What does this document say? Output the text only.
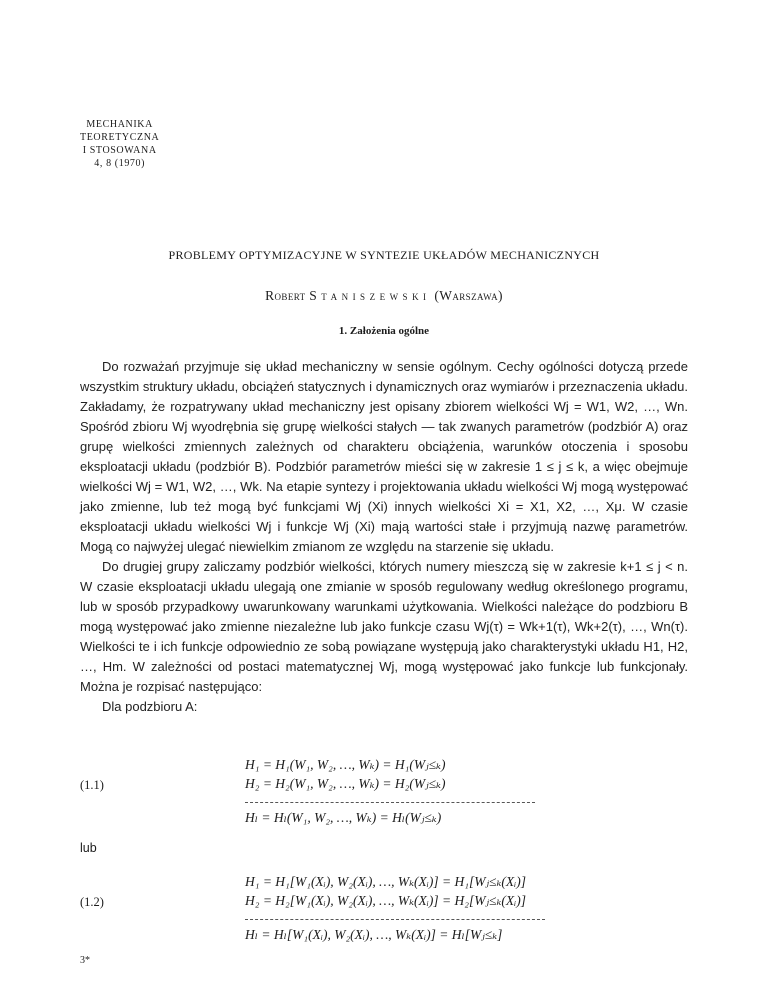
MECHANIKA
TEORETYCZNA
I STOSOWANA
4, 8 (1970)
PROBLEMY OPTYMIZACYJNE W SYNTEZIE UKŁADÓW MECHANICZNYCH
Robert Staniszewski (Warszawa)
1. Założenia ogólne

Do rozważań przyjmuje się układ mechaniczny w sensie ogólnym. Cechy ogólności dotyczą przede wszystkim struktury układu, obciążeń statycznych i dynamicznych oraz wymiarów i przeznaczenia układu. Zakładamy, że rozpatrywany układ mechaniczny jest opisany zbiorem wielkości Wj = W1, W2, …, Wn. Spośród zbioru Wj wyodrębnia się grupę wielkości stałych — tak zwanych parametrów (podzbiór A) oraz grupę wielkości zmiennych zależnych od charakteru obciążenia, warunków otoczenia i sposobu eksploatacji układu (podzbiór B). Podzbiór parametrów mieści się w zakresie 1 ≤ j ≤ k, a więc obejmuje wielkości Wj = W1, W2, …, Wk. Na etapie syntezy i projektowania układu wielkości Wj mogą występować jako zmienne, lub też mogą być funkcjami Wj (Xi) innych wielkości Xi = X1, X2, …, Xμ. W czasie eksploatacji układu wielkości Wj i funkcje Wj (Xi) mają wartości stałe i przyjmują nazwę parametrów. Mogą co najwyżej ulegać niewielkim zmianom ze względu na starzenie się układu.

Do drugiej grupy zaliczamy podzbiór wielkości, których numery mieszczą się w zakresie k+1 ≤ j < n. W czasie eksploatacji układu ulegają one zmianie w sposób regulowany według określonego programu, lub w sposób przypadkowy uwarunkowany warunkami użytkowania. Wielkości należące do podzbioru B mogą występować jako zmienne niezależne lub jako funkcje czasu Wj(τ) = Wk+1(τ), Wk+2(τ), …, Wn(τ). Wielkości te i ich funkcje odpowiednio ze sobą powiązane występują jako charakterystyki układu H1, H2, …, Hm. W zależności od postaci matematycznej Wj, mogą występować jako funkcje lub funkcjonały. Można je rozpisać następująco:

Dla podzbioru A:

(1.1)
H₁ = H₁(W₁, W₂, …, Wₖ) = H₁(Wⱼ≤ₖ)
H₂ = H₂(W₁, W₂, …, Wₖ) = H₂(Wⱼ≤ₖ)
Hₗ = Hₗ(W₁, W₂, …, Wₖ) = Hₗ(Wⱼ≤ₖ)
lub
(1.2)
H₁ = H₁[W₁(Xᵢ), W₂(Xᵢ), …, Wₖ(Xᵢ)] = H₁[Wⱼ≤ₖ(Xᵢ)]
H₂ = H₂[W₁(Xᵢ), W₂(Xᵢ), …, Wₖ(Xᵢ)] = H₂[Wⱼ≤ₖ(Xᵢ)]
Hₗ = Hₗ[W₁(Xᵢ), W₂(Xᵢ), …, Wₖ(Xᵢ)] = Hₗ[Wⱼ≤ₖ]
3*
